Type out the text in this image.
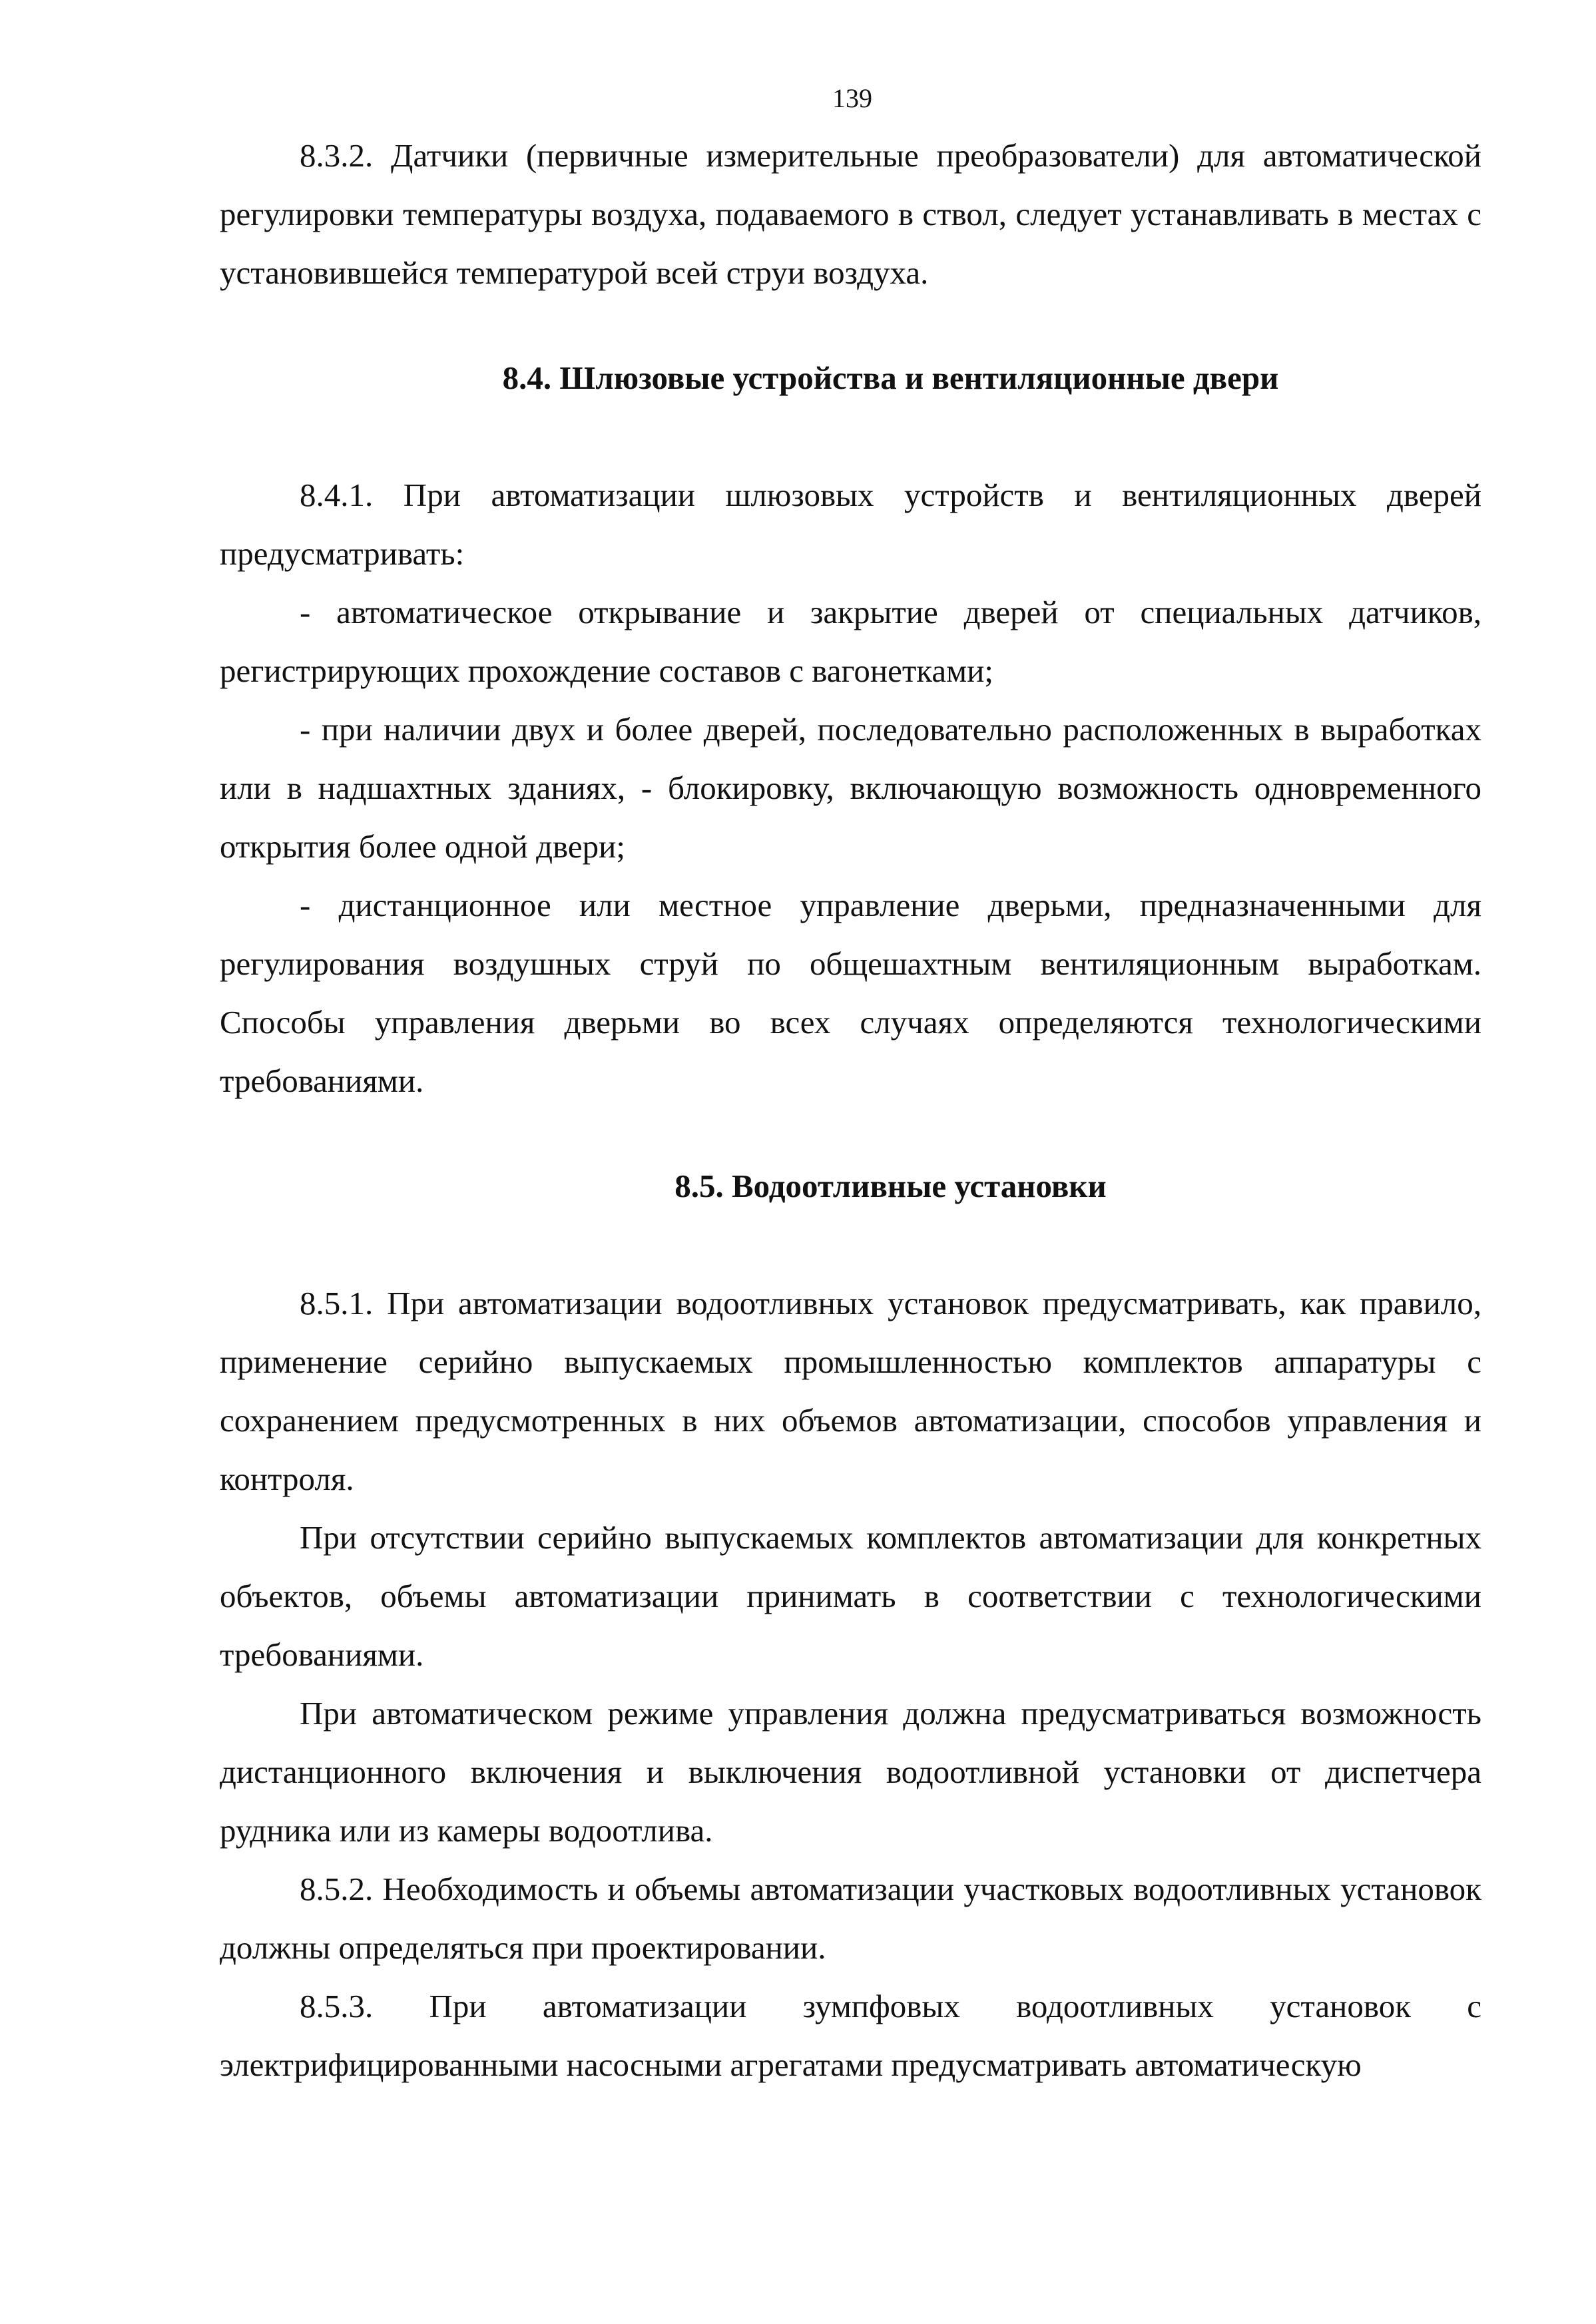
139

8.3.2. Датчики (первичные измерительные преобразователи) для автоматической регулировки температуры воздуха, подаваемого в ствол, следует устанавливать в местах с установившейся температурой всей струи воздуха.

8.4. Шлюзовые устройства и вентиляционные двери

8.4.1. При автоматизации шлюзовых устройств и вентиляционных дверей предусматривать:

- автоматическое открывание и закрытие дверей от специальных датчиков, регистрирующих прохождение составов с вагонетками;

- при наличии двух и более дверей, последовательно расположенных в выработках или в надшахтных зданиях, - блокировку, включающую возможность одновременного открытия более одной двери;

- дистанционное или местное управление дверьми, предназначенными для регулирования воздушных струй по общешахтным вентиляционным выработкам. Способы управления дверьми во всех случаях определяются технологическими требованиями.

8.5. Водоотливные установки

8.5.1. При автоматизации водоотливных установок предусматривать, как правило, применение серийно выпускаемых промышленностью комплектов аппаратуры с сохранением предусмотренных в них объемов автоматизации, способов управления и контроля.

При отсутствии серийно выпускаемых комплектов автоматизации для конкретных объектов, объемы автоматизации принимать в соответствии с технологическими требованиями.

При автоматическом режиме управления должна предусматриваться возможность дистанционного включения и выключения водоотливной установки от диспетчера рудника или из камеры водоотлива.

8.5.2. Необходимость и объемы автоматизации участковых водоотливных установок должны определяться при проектировании.

8.5.3. При автоматизации зумпфовых водоотливных установок с электрифицированными насосными агрегатами предусматривать автоматическую
